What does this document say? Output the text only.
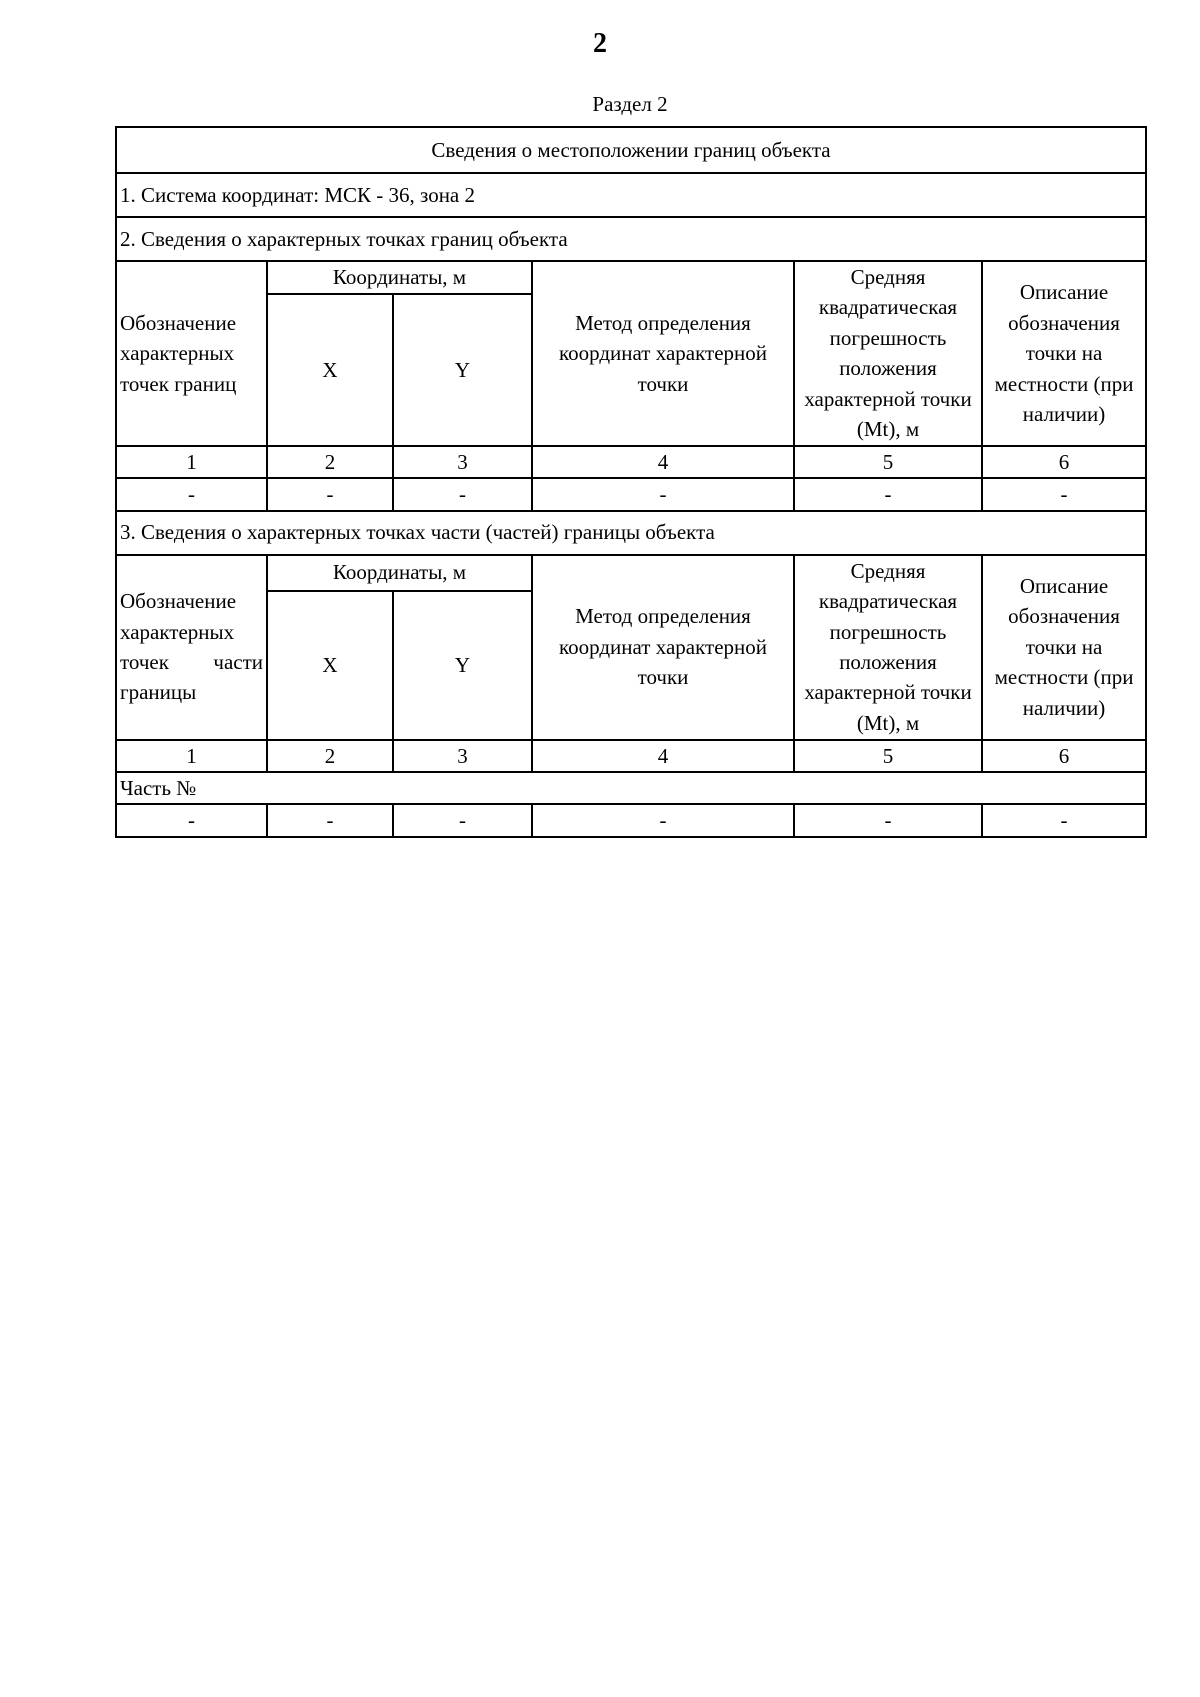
2
Раздел 2
Сведения о местоположении границ объекта					
1. Система координат: МСК - 36, зона 2					
2. Сведения о характерных точках границ объекта					
Обозначение характерных точек границ	Координаты, м		Метод определения координат характерной точки	Средняя квадратическая погрешность положения характерной точки (Mt), м	Описание обозначения точки на местности (при наличии)
	X	Y			
1	2	3	4	5	6
-	-	-	-	-	-
3. Сведения о характерных точках части (частей) границы объекта					
Обозначение характерных точек части границы	Координаты, м		Метод определения координат характерной точки	Средняя квадратическая погрешность положения характерной точки (Mt), м	Описание обозначения точки на местности (при наличии)
	X	Y			
1	2	3	4	5	6
Часть №					
-	-	-	-	-	-
